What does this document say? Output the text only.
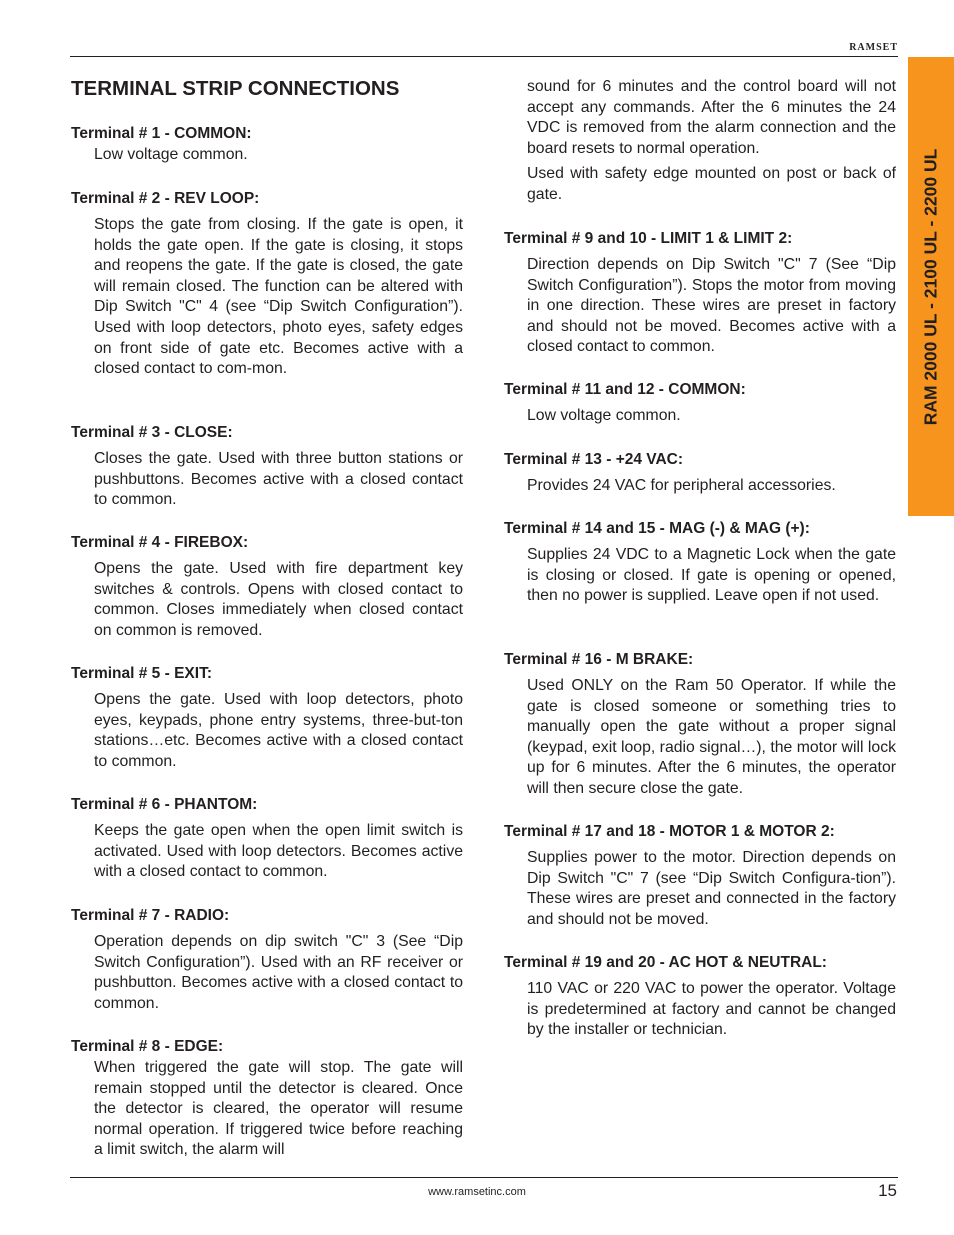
RAMSET
RAM 2000 UL - 2100 UL - 2200 UL
TERMINAL STRIP CONNECTIONS
Terminal # 1 - COMMON:

Low voltage common.

Terminal # 2 - REV LOOP:

Stops the gate from closing. If the gate is open, it holds the gate open. If the gate is closing, it stops and reopens the gate. If the gate is closed, the gate will remain closed. The function can be altered with Dip Switch "C" 4 (see “Dip Switch Configuration”). Used with loop detectors, photo eyes, safety edges on front side of gate etc. Becomes active with a closed contact to com-mon.

Terminal # 3 - CLOSE:

Closes the gate. Used with three button stations or pushbuttons. Becomes active with a closed contact to common.

Terminal # 4 - FIREBOX:

Opens the gate. Used with fire department key switches & controls. Opens with closed contact to common. Closes immediately when closed contact on common is removed.

Terminal # 5 - EXIT:

Opens the gate. Used with loop detectors, photo eyes, keypads, phone entry systems, three-but-ton stations…etc. Becomes active with a closed contact to common.

Terminal # 6 - PHANTOM:

Keeps the gate open when the open limit switch is activated. Used with loop detectors. Becomes active with a closed contact to common.

Terminal # 7 - RADIO:

Operation depends on dip switch "C" 3 (See “Dip Switch Configuration”). Used with an RF receiver or pushbutton. Becomes active with a closed contact to common.

Terminal # 8 - EDGE:

When triggered the gate will stop. The gate will remain stopped until the detector is cleared. Once the detector is cleared, the operator will resume normal operation. If triggered twice before reaching a limit switch, the alarm will

sound for 6 minutes and the control board will not accept any commands. After the 6 minutes the 24 VDC is removed from the alarm connection and the board resets to normal operation.

Used with safety edge mounted on post or back of gate.

Terminal # 9 and 10 - LIMIT 1 & LIMIT 2:

Direction depends on Dip Switch "C" 7 (See “Dip Switch Configuration”). Stops the motor from moving in one direction. These wires are preset in factory and should not be moved. Becomes active with a closed contact to common.

Terminal # 11 and 12 - COMMON:

Low voltage common.

Terminal # 13 - +24 VAC:

Provides 24 VAC for peripheral accessories.

Terminal # 14 and 15 - MAG (-) & MAG (+):

Supplies 24 VDC to a Magnetic Lock when the gate is closing or closed. If gate is opening or opened, then no power is supplied. Leave open if not used.

Terminal # 16 - M BRAKE:

Used ONLY on the Ram 50 Operator. If while the gate is closed someone or something tries to manually open the gate without a proper signal (keypad, exit loop, radio signal…), the motor will lock up for 6 minutes. After the 6 minutes, the operator will then secure close the gate.

Terminal # 17 and 18 - MOTOR 1 & MOTOR 2:

Supplies power to the motor. Direction depends on Dip Switch "C" 7 (see “Dip Switch Configura-tion”). These wires are preset and connected in the factory and should not be moved.

Terminal # 19 and 20 - AC HOT & NEUTRAL:

110 VAC or 220 VAC to power the operator. Voltage is predetermined at factory and cannot be changed by the installer or technician.

www.ramsetinc.com	15
